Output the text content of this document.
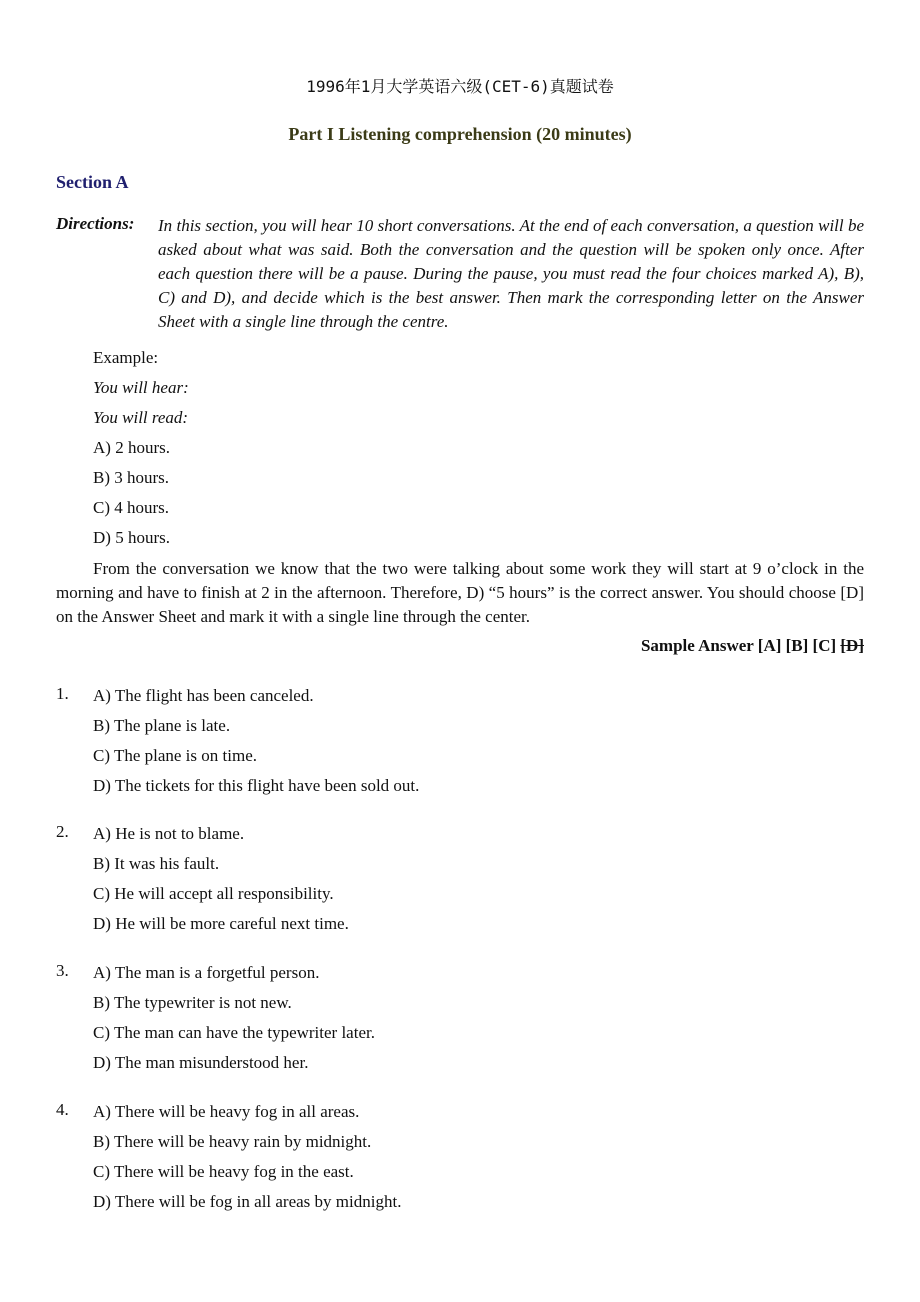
1996年1月大学英语六级(CET-6)真题试卷
Part I Listening comprehension (20 minutes)
Section A
Directions: In this section, you will hear 10 short conversations. At the end of each conversation, a question will be asked about what was said. Both the conversation and the question will be spoken only once. After each question there will be a pause. During the pause, you must read the four choices marked A), B), C) and D), and decide which is the best answer. Then mark the corresponding letter on the Answer Sheet with a single line through the centre.
Example:
You will hear:
You will read:
A) 2 hours.
B) 3 hours.
C) 4 hours.
D) 5 hours.
From the conversation we know that the two were talking about some work they will start at 9 o’clock in the morning and have to finish at 2 in the afternoon. Therefore, D) “5 hours” is the correct answer. You should choose [D] on the Answer Sheet and mark it with a single line through the center.
Sample Answer [A] [B] [C] [D]
1. A) The flight has been canceled.
B) The plane is late.
C) The plane is on time.
D) The tickets for this flight have been sold out.
2. A) He is not to blame.
B) It was his fault.
C) He will accept all responsibility.
D) He will be more careful next time.
3. A) The man is a forgetful person.
B) The typewriter is not new.
C) The man can have the typewriter later.
D) The man misunderstood her.
4. A) There will be heavy fog in all areas.
B) There will be heavy rain by midnight.
C) There will be heavy fog in the east.
D) There will be fog in all areas by midnight.
